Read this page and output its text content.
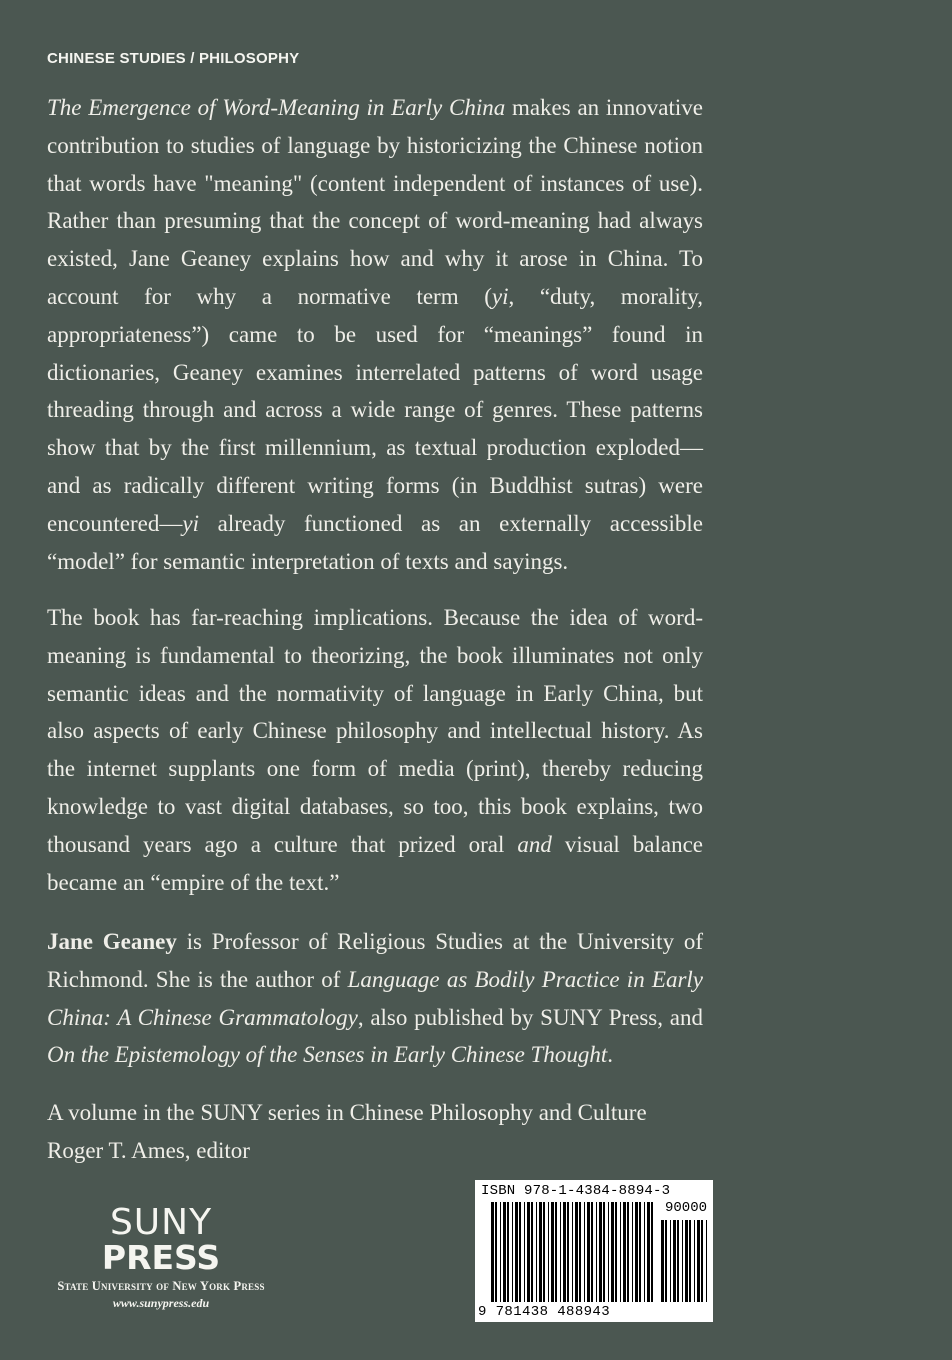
CHINESE STUDIES / PHILOSOPHY
The Emergence of Word-Meaning in Early China makes an innovative contribution to studies of language by historicizing the Chinese notion that words have "meaning" (content independent of instances of use). Rather than presuming that the concept of word-meaning had always existed, Jane Geaney explains how and why it arose in China. To account for why a normative term (yi, “duty, morality, appropriateness”) came to be used for “meanings” found in dictionaries, Geaney examines interrelated patterns of word usage threading through and across a wide range of genres. These patterns show that by the first millennium, as textual production exploded—and as radically different writing forms (in Buddhist sutras) were encountered—yi already functioned as an externally accessible “model” for semantic interpretation of texts and sayings.
The book has far-reaching implications. Because the idea of word-meaning is fundamental to theorizing, the book illuminates not only semantic ideas and the normativity of language in Early China, but also aspects of early Chinese philosophy and intellectual history. As the internet supplants one form of media (print), thereby reducing knowledge to vast digital databases, so too, this book explains, two thousand years ago a culture that prized oral and visual balance became an “empire of the text.”
Jane Geaney is Professor of Religious Studies at the University of Richmond. She is the author of Language as Bodily Practice in Early China: A Chinese Grammatology, also published by SUNY Press, and On the Epistemology of the Senses in Early Chinese Thought.
A volume in the SUNY series in Chinese Philosophy and Culture
Roger T. Ames, editor
SUNY
PRESS
State University of New York Press
www.sunypress.edu
ISBN 978-1-4384-8894-3
90000
9 781438 488943
